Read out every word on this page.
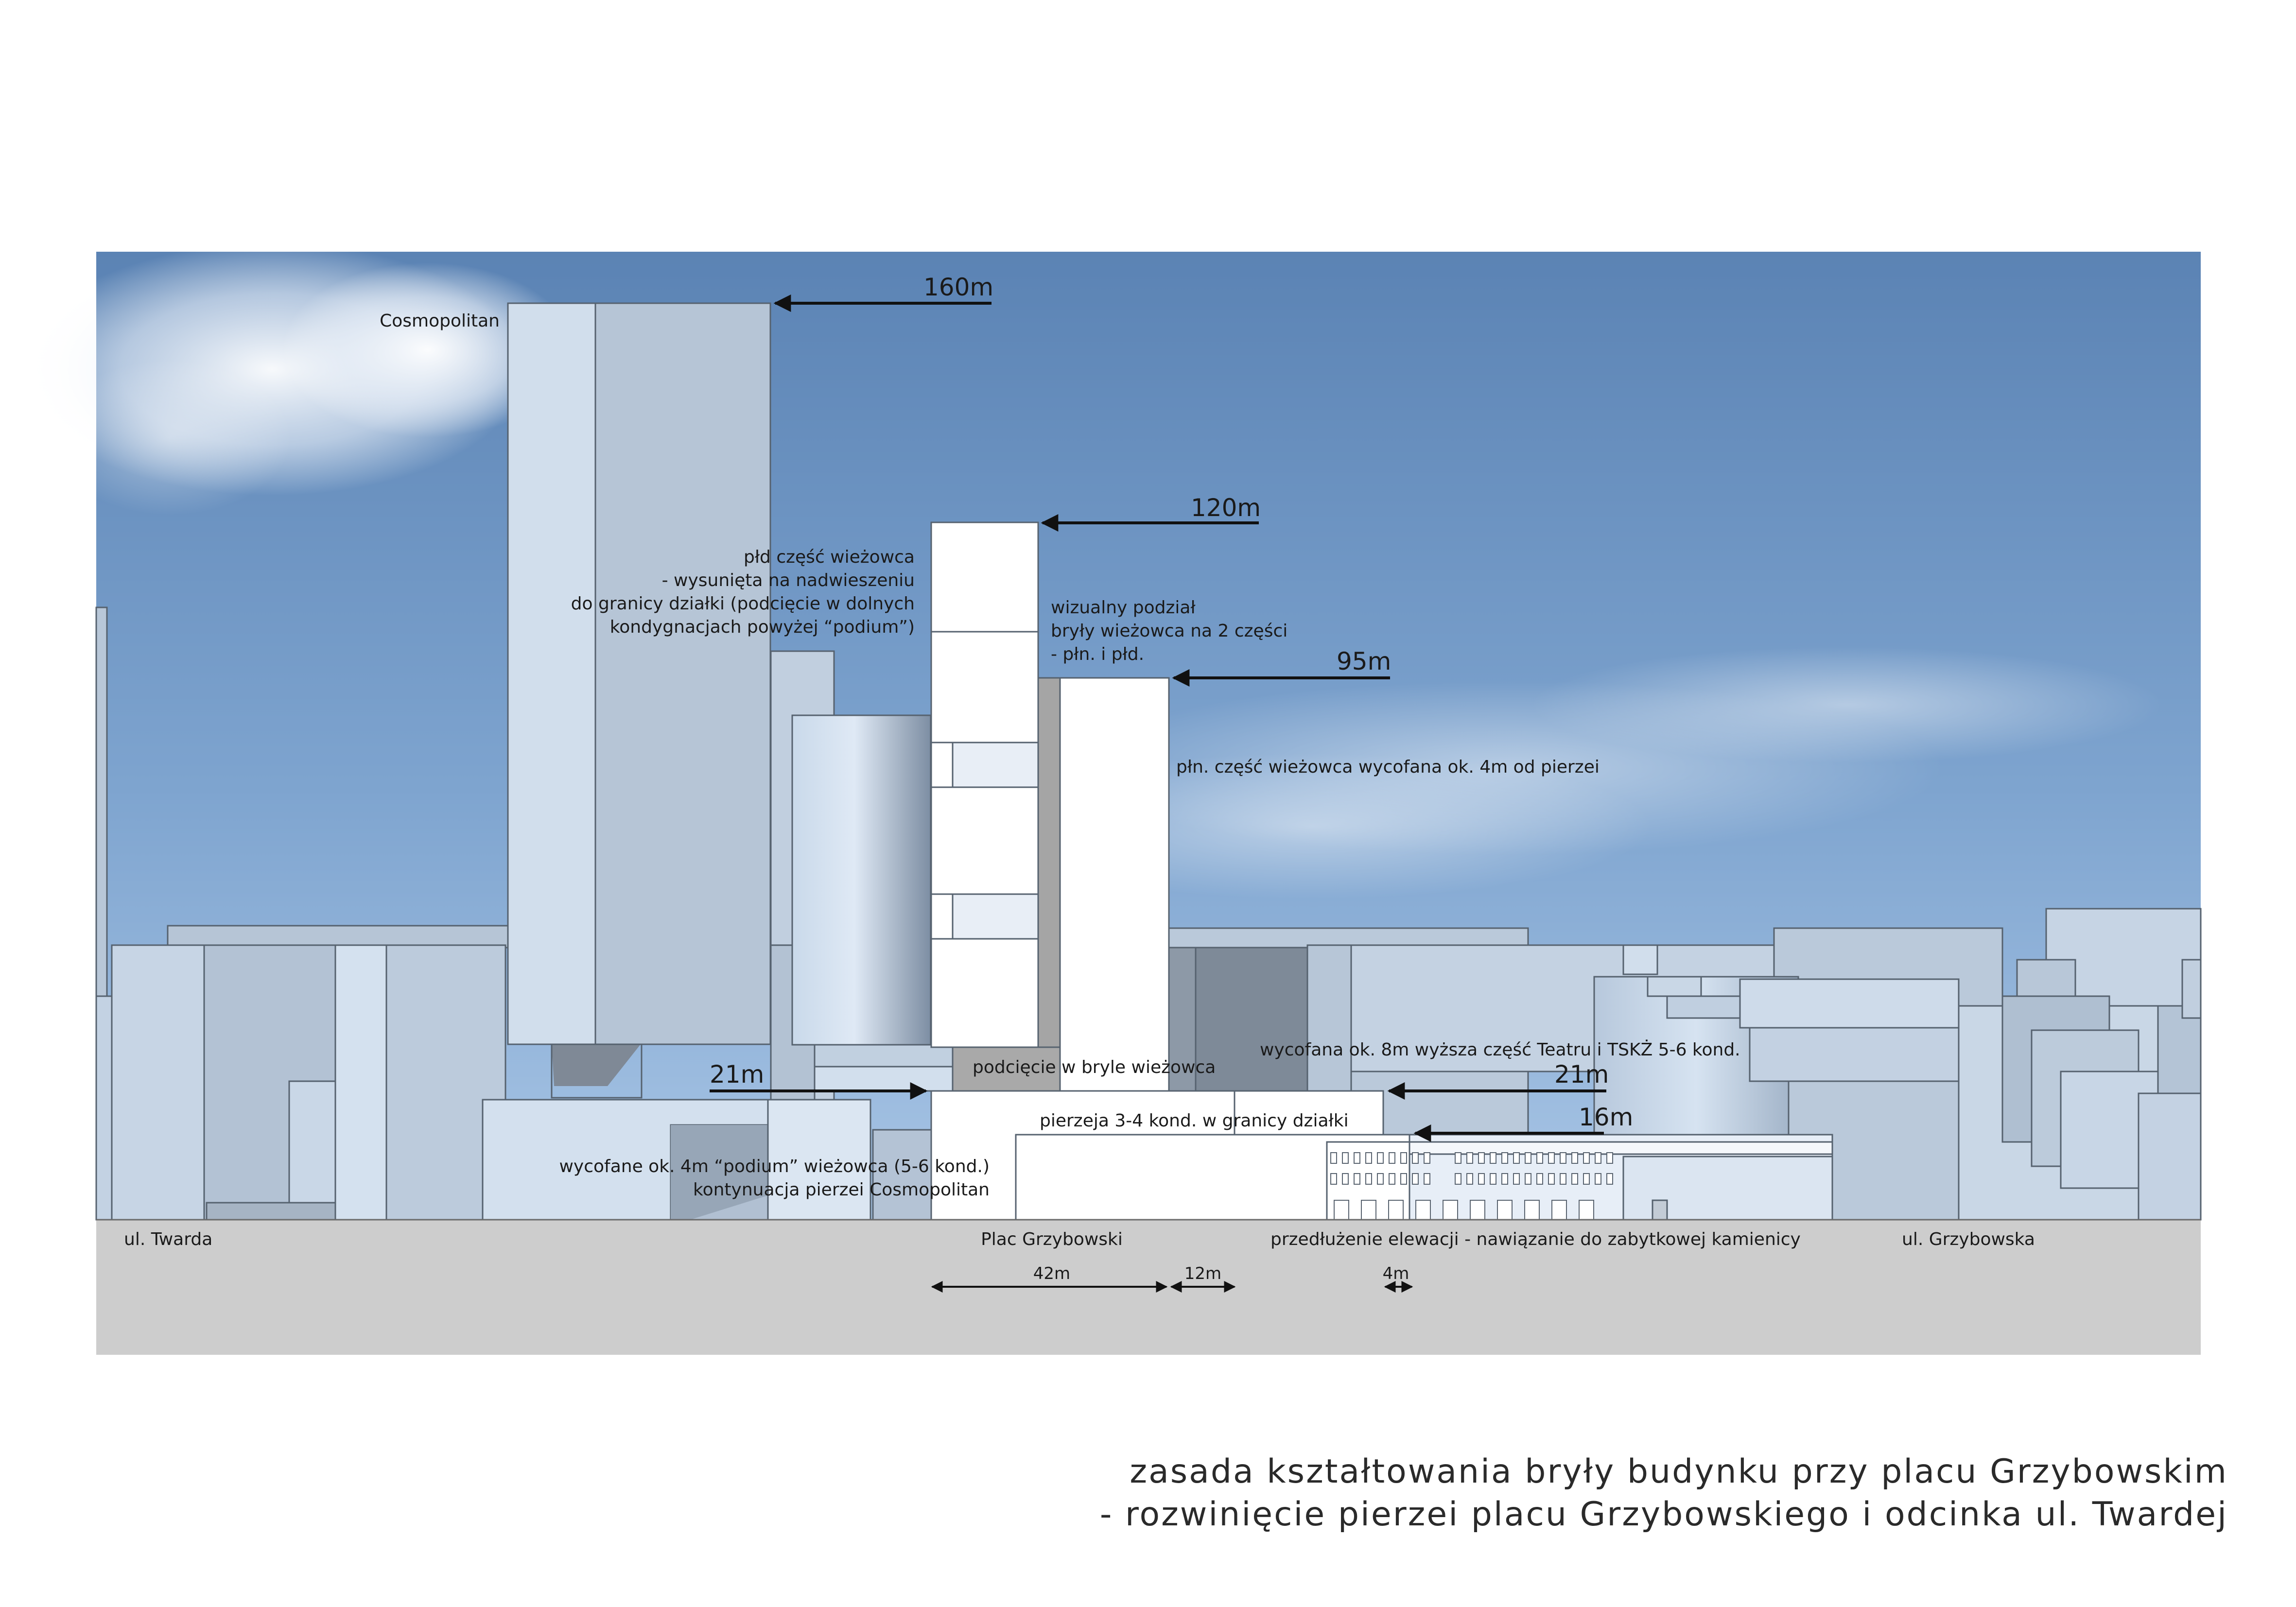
160m
120m
95m
21m	21m
16m
Cosmopolitan
płd część wieżowca
- wysunięta na nadwieszeniu
do granicy działki (podcięcie w dolnych
kondygnacjach powyżej “podium”)
wizualny podział
bryły wieżowca na 2 części
- płn. i płd.
płn. część wieżowca wycofana ok. 4m od pierzei
podcięcie w bryle wieżowca
wycofana ok. 8m wyższa część Teatru i TSKŻ 5-6 kond.
pierzeja 3-4 kond. w granicy działki
wycofane ok. 4m “podium” wieżowca (5-6 kond.)
kontynuacja pierzei Cosmopolitan
ul. Twarda	Plac Grzybowski	przedłużenie elewacji - nawiązanie do zabytkowej kamienicy	ul. Grzybowska
42m	12m	4m
zasada kształtowania bryły budynku przy placu Grzybowskim
- rozwinięcie pierzei placu Grzybowskiego i odcinka ul. Twardej
